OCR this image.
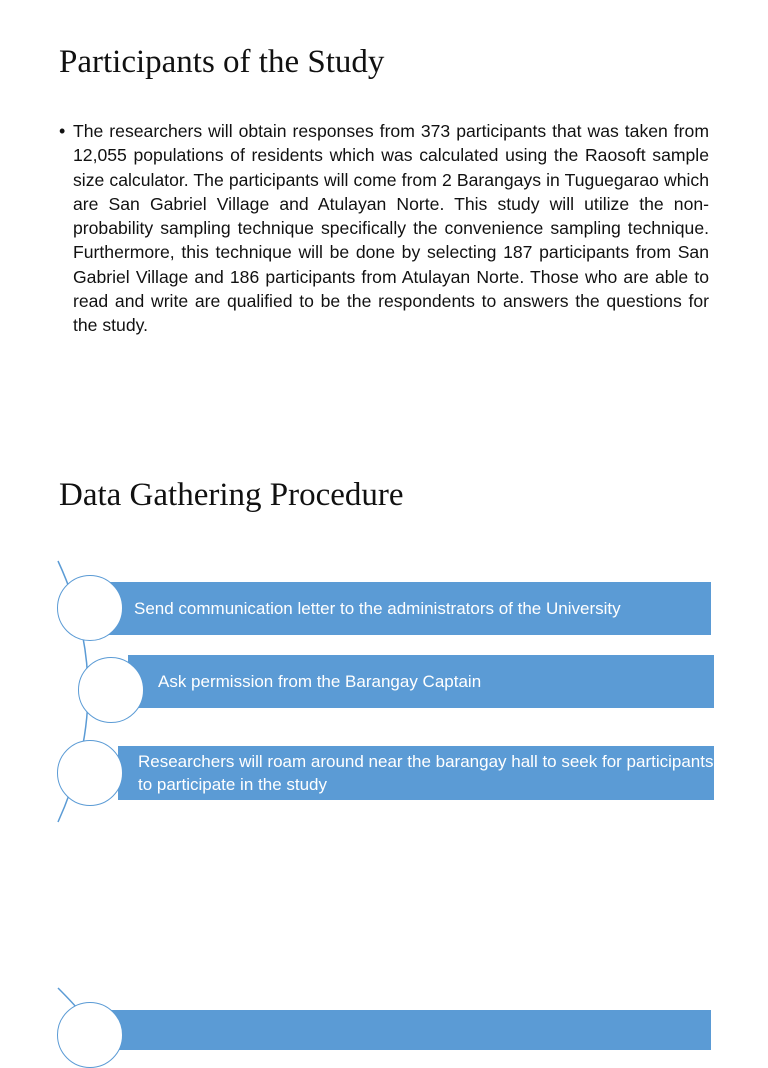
Participants of the Study
• The researchers will obtain responses from 373 participants that was taken from 12,055 populations of residents which was calculated using the Raosoft sample size calculator. The participants will come from 2 Barangays in Tuguegarao which are San Gabriel Village and Atulayan Norte. This study will utilize the non-probability sampling technique specifically the convenience sampling technique. Furthermore, this technique will be done by selecting 187 participants from San Gabriel Village and 186 participants from Atulayan Norte. Those who are able to read and write are qualified to be the respondents to answers the questions for the study.

Data Gathering Procedure
Send communication letter to the administrators of the University
Ask permission from the Barangay Captain
Researchers will roam around near the barangay hall to seek for participants to participate in the study
